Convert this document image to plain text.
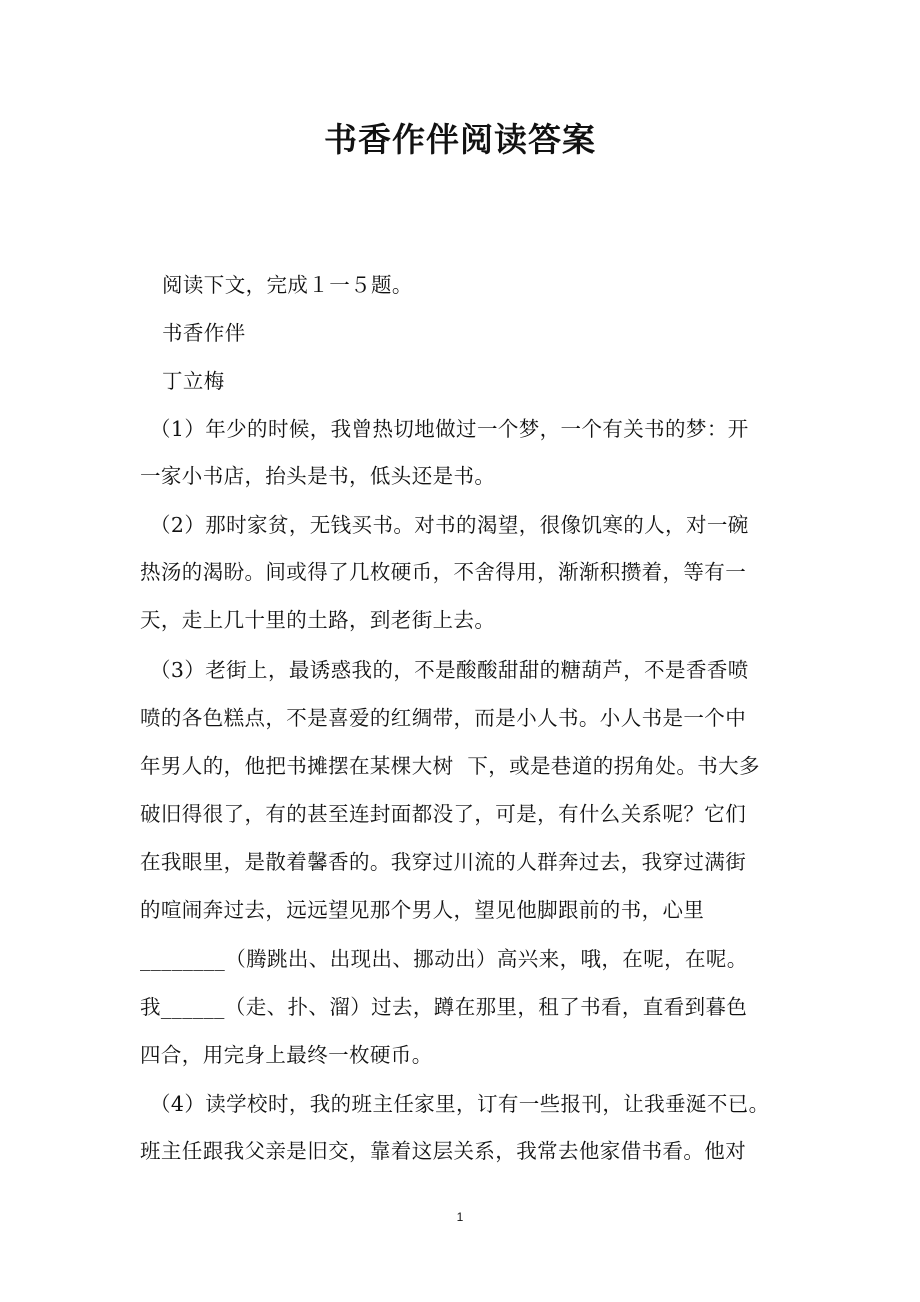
书香作伴阅读答案
阅读下文，完成１一５题。
书香作伴
丁立梅
（1）年少的时候，我曾热切地做过一个梦，一个有关书的梦：开
一家小书店，抬头是书，低头还是书。
（2）那时家贫，无钱买书。对书的渴望，很像饥寒的人，对一碗
热汤的渴盼。间或得了几枚硬币，不舍得用，渐渐积攒着，等有一
天，走上几十里的土路，到老街上去。
（3）老街上，最诱惑我的，不是酸酸甜甜的糖葫芦，不是香香喷
喷的各色糕点，不是喜爱的红绸带，而是小人书。小人书是一个中
年男人的，他把书摊摆在某棵大树  下，或是巷道的拐角处。书大多
破旧得很了，有的甚至连封面都没了，可是，有什么关系呢？它们
在我眼里，是散着馨香的。我穿过川流的人群奔过去，我穿过满街
的喧闹奔过去，远远望见那个男人，望见他脚跟前的书，心里
________（腾跳出、出现出、挪动出）高兴来，哦，在呢，在呢。
我______（走、扑、溜）过去，蹲在那里，租了书看，直看到暮色
四合，用完身上最终一枚硬币。
（4）读学校时，我的班主任家里，订有一些报刊，让我垂涎不已。
班主任跟我父亲是旧交，靠着这层关系，我常去他家借书看。他对
1
